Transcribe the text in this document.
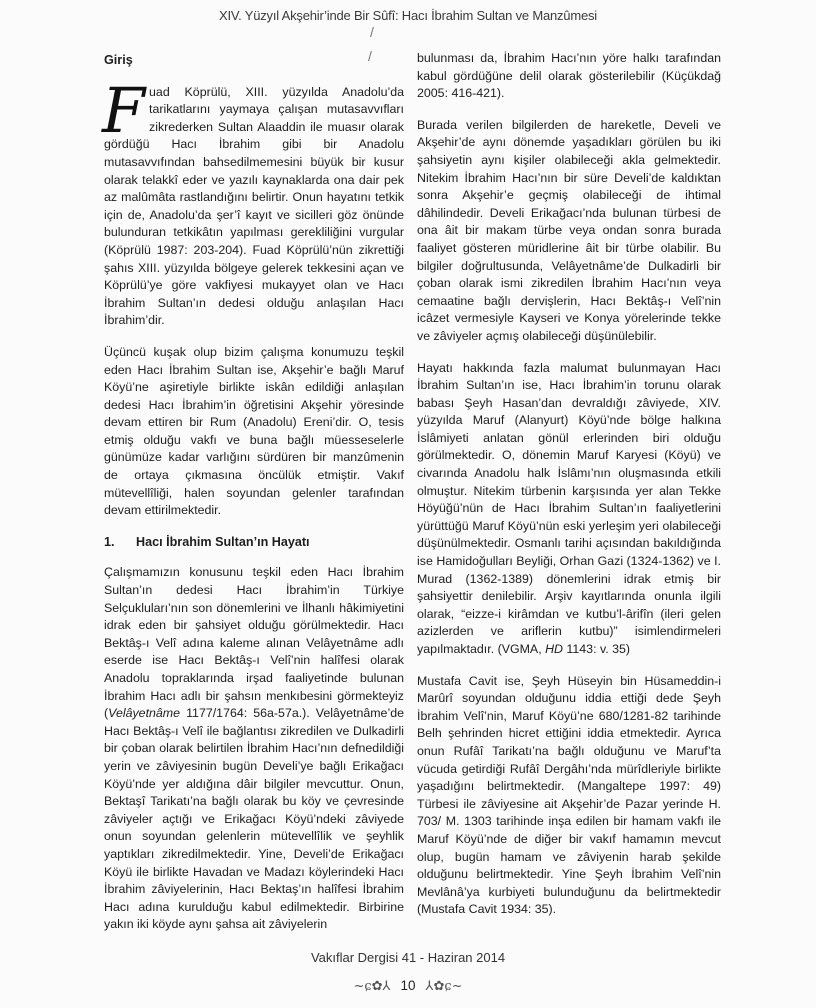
XIV. Yüzyıl Akşehir’inde Bir Sûfî: Hacı İbrahim Sultan ve Manzûmesi
/
/
Giriş

Fuad Köprülü, XIII. yüzyılda Anadolu’da tarikatlarını yaymaya çalışan mutasavvıfları zikrederken Sultan Alaaddin ile muasır olarak gördüğü Hacı İbrahim gibi bir Anadolu mutasavvıfından bahsedilmemesini büyük bir kusur olarak telakkî eder ve yazılı kaynaklarda ona dair pek az malûmâta rastlandığını belirtir. Onun hayatını tetkik için de, Anadolu’da şer’î kayıt ve sicilleri göz önünde bulunduran tetkikâtın yapılması gerekliliğini vurgular (Köprülü 1987: 203-204). Fuad Köprülü’nün zikrettiği şahıs XIII. yüzyılda bölgeye gelerek tekkesini açan ve Köprülü’ye göre vakfiyesi mukayyet olan ve Hacı İbrahim Sultan’ın dedesi olduğu anlaşılan Hacı İbrahim’dir.

Üçüncü kuşak olup bizim çalışma konumuzu teşkil eden Hacı İbrahim Sultan ise, Akşehir’e bağlı Maruf Köyü’ne aşiretiyle birlikte iskân edildiği anlaşılan dedesi Hacı İbrahim’in öğretisini Akşehir yöresinde devam ettiren bir Rum (Anadolu) Ereni’dir. O, tesis etmiş olduğu vakfı ve buna bağlı müesseselerle günümüze kadar varlığını sürdüren bir manzûmenin de ortaya çıkmasına öncülük etmiştir. Vakıf mütevellîliği, halen soyundan gelenler tarafından devam ettirilmektedir.

1. Hacı İbrahim Sultan’ın Hayatı

Çalışmamızın konusunu teşkil eden Hacı İbrahim Sultan’ın dedesi Hacı İbrahim’in Türkiye Selçukluları’nın son dönemlerini ve İlhanlı hâkimiyetini idrak eden bir şahsiyet olduğu görülmektedir. Hacı Bektâş-ı Velî adına kaleme alınan Velâyetnâme adlı eserde ise Hacı Bektâş-ı Velî’nin halîfesi olarak Anadolu topraklarında irşad faaliyetinde bulunan İbrahim Hacı adlı bir şahsın menkıbesini görmekteyiz (Velâyetnâme 1177/1764: 56a-57a.). Velâyetnâme’de Hacı Bektâş-ı Velî ile bağlantısı zikredilen ve Dulkadirli bir çoban olarak belirtilen İbrahim Hacı’nın defnedildiği yerin ve zâviyesinin bugün Develi’ye bağlı Erikağacı Köyü’nde yer aldığına dâir bilgiler mevcuttur. Onun, Bektaşî Tarikatı’na bağlı olarak bu köy ve çevresinde zâviyeler açtığı ve Erikağacı Köyü’ndeki zâviyede onun soyundan gelenlerin mütevellîlik ve şeyhlik yaptıkları zikredilmektedir. Yine, Develi’de Erikağacı Köyü ile birlikte Havadan ve Madazı köylerindeki Hacı İbrahim zâviyelerinin, Hacı Bektaş’ın halîfesi İbrahim Hacı adına kurulduğu kabul edilmektedir. Birbirine yakın iki köyde aynı şahsa ait zâviyelerin

bulunması da, İbrahim Hacı’nın yöre halkı tarafından kabul gördüğüne delil olarak gösterilebilir (Küçükdağ 2005: 416-421).

Burada verilen bilgilerden de hareketle, Develi ve Akşehir’de aynı dönemde yaşadıkları görülen bu iki şahsiyetin aynı kişiler olabileceği akla gelmektedir. Nitekim İbrahim Hacı’nın bir süre Develi’de kaldıktan sonra Akşehir’e geçmiş olabileceği de ihtimal dâhilindedir. Develi Erikağacı’nda bulunan türbesi de ona âit bir makam türbe veya ondan sonra burada faaliyet gösteren müridlerine âit bir türbe olabilir. Bu bilgiler doğrultusunda, Velâyetnâme’de Dulkadirli bir çoban olarak ismi zikredilen İbrahim Hacı’nın veya cemaatine bağlı dervişlerin, Hacı Bektâş-ı Velî’nin icâzet vermesiyle Kayseri ve Konya yörelerinde tekke ve zâviyeler açmış olabileceği düşünülebilir.

Hayatı hakkında fazla malumat bulunmayan Hacı İbrahim Sultan’ın ise, Hacı İbrahim’in torunu olarak babası Şeyh Hasan’dan devraldığı zâviyede, XIV. yüzyılda Maruf (Alanyurt) Köyü’nde bölge halkına İslâmiyeti anlatan gönül erlerinden biri olduğu görülmektedir. O, dönemin Maruf Karyesi (Köyü) ve civarında Anadolu halk İslâmı’nın oluşmasında etkili olmuştur. Nitekim türbenin karşısında yer alan Tekke Höyüğü’nün de Hacı İbrahim Sultan’ın faaliyetlerini yürüttüğü Maruf Köyü’nün eski yerleşim yeri olabileceği düşünülmektedir. Osmanlı tarihi açısından bakıldığında ise Hamidoğulları Beyliği, Orhan Gazi (1324-1362) ve I. Murad (1362-1389) dönemlerini idrak etmiş bir şahsiyettir denilebilir. Arşiv kayıtlarında onunla ilgili olarak, “eizze-i kirâmdan ve kutbu’l-ârifîn (ileri gelen azizlerden ve ariflerin kutbu)” isimlendirmeleri yapılmaktadır. (VGMA, HD 1143: v. 35)

Mustafa Cavit ise, Şeyh Hüseyin bin Hüsameddin-i Marûrî soyundan olduğunu iddia ettiği dede Şeyh İbrahim Velî’nin, Maruf Köyü’ne 680/1281-82 tarihinde Belh şehrinden hicret ettiğini iddia etmektedir. Ayrıca onun Rufâî Tarikatı’na bağlı olduğunu ve Maruf’ta vücuda getirdiği Rufâî Dergâhı’nda mürîdleriyle birlikte yaşadığını belirtmektedir. (Mangaltepe 1997: 49) Türbesi ile zâviyesine ait Akşehir’de Pazar yerinde H. 703/ M. 1303 tarihinde inşa edilen bir hamam vakfı ile Maruf Köyü’nde de diğer bir vakıf hamamın mevcut olup, bugün hamam ve zâviyenin harab şekilde olduğunu belirtmektedir. Yine Şeyh İbrahim Velî’nin Mevlânâ’ya kurbiyeti bulunduğunu da belirtmektedir (Mustafa Cavit 1934: 35).

Vakıflar Dergisi 41 - Haziran 2014
~ɕ✿⅄ 10 ⅄✿ɕ~
